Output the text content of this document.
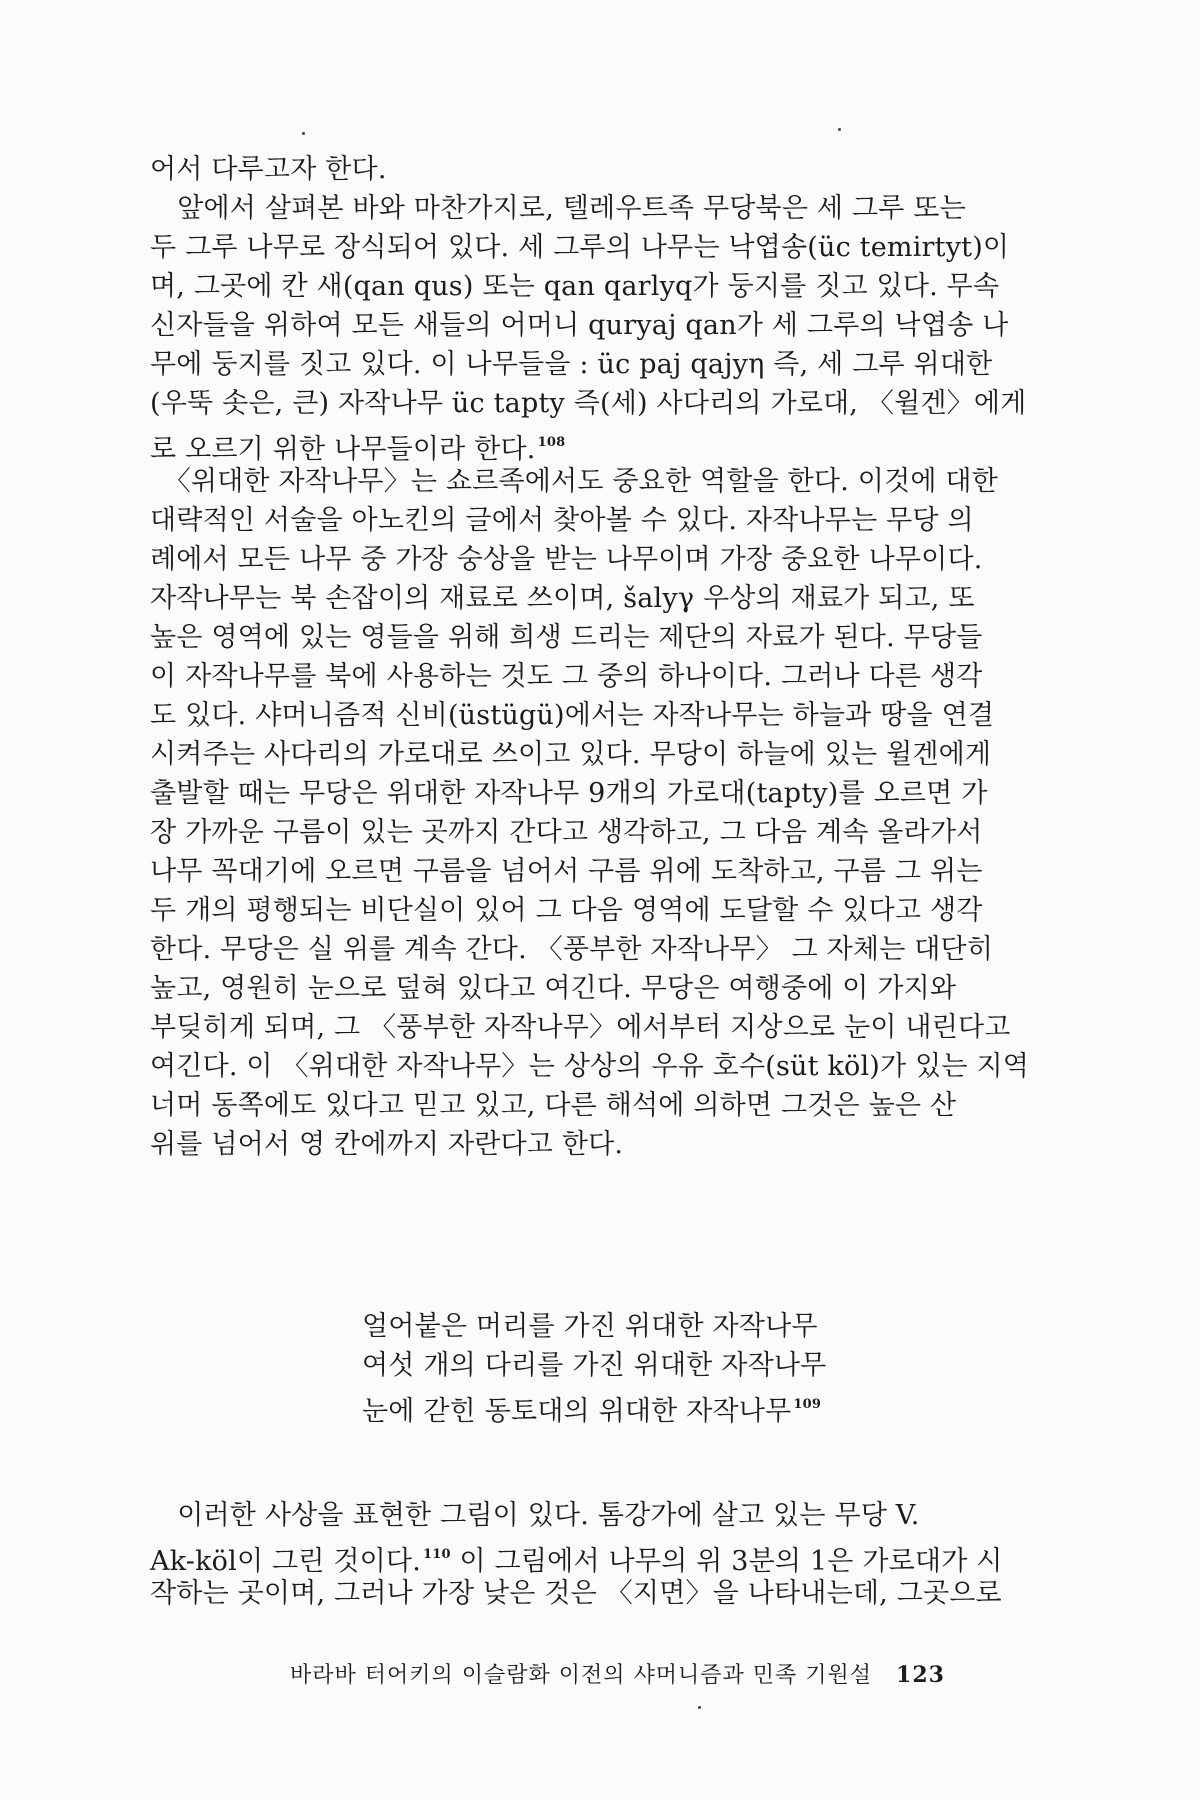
어서 다루고자 한다.
　앞에서 살펴본 바와 마찬가지로, 텔레우트족 무당북은 세 그루 또는
두 그루 나무로 장식되어 있다. 세 그루의 나무는 낙엽송(üc temirtyt)이
며, 그곳에 칸 새(qan qus) 또는 qan qarlyq가 둥지를 짓고 있다. 무속
신자들을 위하여 모든 새들의 어머니 quryaj qan가 세 그루의 낙엽송 나
무에 둥지를 짓고 있다. 이 나무들을 : üc paj qajyη 즉, 세 그루 위대한
(우뚝 솟은, 큰) 자작나무 üc tapty 즉(세) 사다리의 가로대, 〈윌겐〉에게
로 오르기 위한 나무들이라 한다. $^{108}$
　〈위대한 자작나무〉는 쇼르족에서도 중요한 역할을 한다. 이것에 대한
대략적인 서술을 아노킨의 글에서 찾아볼 수 있다. 자작나무는 무당 의
례에서 모든 나무 중 가장 숭상을 받는 나무이며 가장 중요한 나무이다.
자작나무는 북 손잡이의 재료로 쓰이며, šalyγ 우상의 재료가 되고, 또
높은 영역에 있는 영들을 위해 희생 드리는 제단의 자료가 된다. 무당들
이 자작나무를 북에 사용하는 것도 그 중의 하나이다. 그러나 다른 생각
도 있다. 샤머니즘적 신비(üstügü)에서는 자작나무는 하늘과 땅을 연결
시켜주는 사다리의 가로대로 쓰이고 있다. 무당이 하늘에 있는 윌겐에게
출발할 때는 무당은 위대한 자작나무 9개의 가로대(tapty)를 오르면 가
장 가까운 구름이 있는 곳까지 간다고 생각하고, 그 다음 계속 올라가서
나무 꼭대기에 오르면 구름을 넘어서 구름 위에 도착하고, 구름 그 위는
두 개의 평행되는 비단실이 있어 그 다음 영역에 도달할 수 있다고 생각
한다. 무당은 실 위를 계속 간다. 〈풍부한 자작나무〉 그 자체는 대단히
높고, 영원히 눈으로 덮혀 있다고 여긴다. 무당은 여행중에 이 가지와
부딪히게 되며, 그 〈풍부한 자작나무〉에서부터 지상으로 눈이 내린다고
여긴다. 이 〈위대한 자작나무〉는 상상의 우유 호수(süt köl)가 있는 지역
너머 동쪽에도 있다고 믿고 있고, 다른 해석에 의하면 그것은 높은 산
위를 넘어서 영 칸에까지 자란다고 한다.
얼어붙은 머리를 가진 위대한 자작나무
여섯 개의 다리를 가진 위대한 자작나무
눈에 갇힌 동토대의 위대한 자작나무 $^{109}$
　이러한 사상을 표현한 그림이 있다. 톰강가에 살고 있는 무당 V.
Ak-köl이 그린 것이다. $^{110}$ 이 그림에서 나무의 위 3분의 1은 가로대가 시
작하는 곳이며, 그러나 가장 낮은 것은 〈지면〉을 나타내는데, 그곳으로
바라바 터어키의 이슬람화 이전의 샤머니즘과 민족 기원설 123
